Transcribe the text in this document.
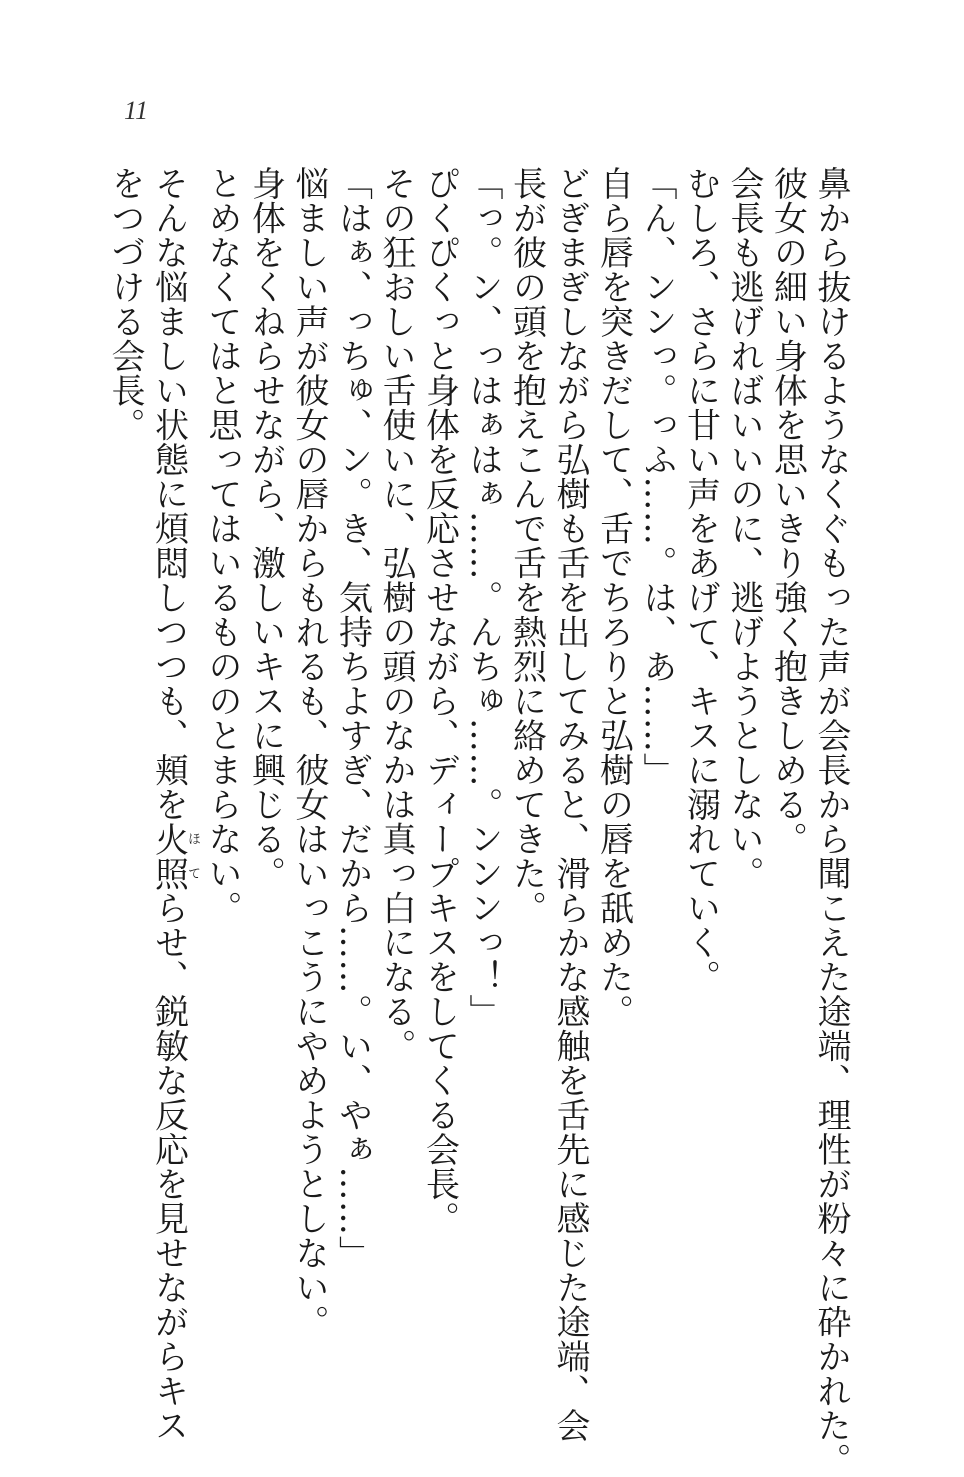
11
鼻から抜けるようなくぐもった声が会長から聞こえた途端、理性が粉々に砕かれた。
彼女の細い身体を思いきり強く抱きしめる。
会長も逃げればいいのに、逃げようとしない。
むしろ、さらに甘い声をあげて、キスに溺れていく。
「ん、ンンっ。っふ……。は、あ……」
自ら唇を突きだして、舌でちろりと弘樹の唇を舐めた。
どぎまぎしながら弘樹も舌を出してみると、滑らかな感触を舌先に感じた途端、会
長が彼の頭を抱えこんで舌を熱烈に絡めてきた。
「っ。ン、っはぁはぁ……。んちゅ……。ンンンっ！」
ぴくぴくっと身体を反応させながら、ディープキスをしてくる会長。
その狂おしい舌使いに、弘樹の頭のなかは真っ白になる。
「はぁ、っちゅ、ン。き、気持ちよすぎ、だから……。い、やぁ……」
悩ましい声が彼女の唇からもれるも、彼女はいっこうにやめようとしない。
身体をくねらせながら、激しいキスに興じる。
とめなくてはと思ってはいるもののとまらない。
そんな悩ましい状態に煩悶しつつも、頬を火照ほてらせ、鋭敏な反応を見せながらキス
をつづける会長。
